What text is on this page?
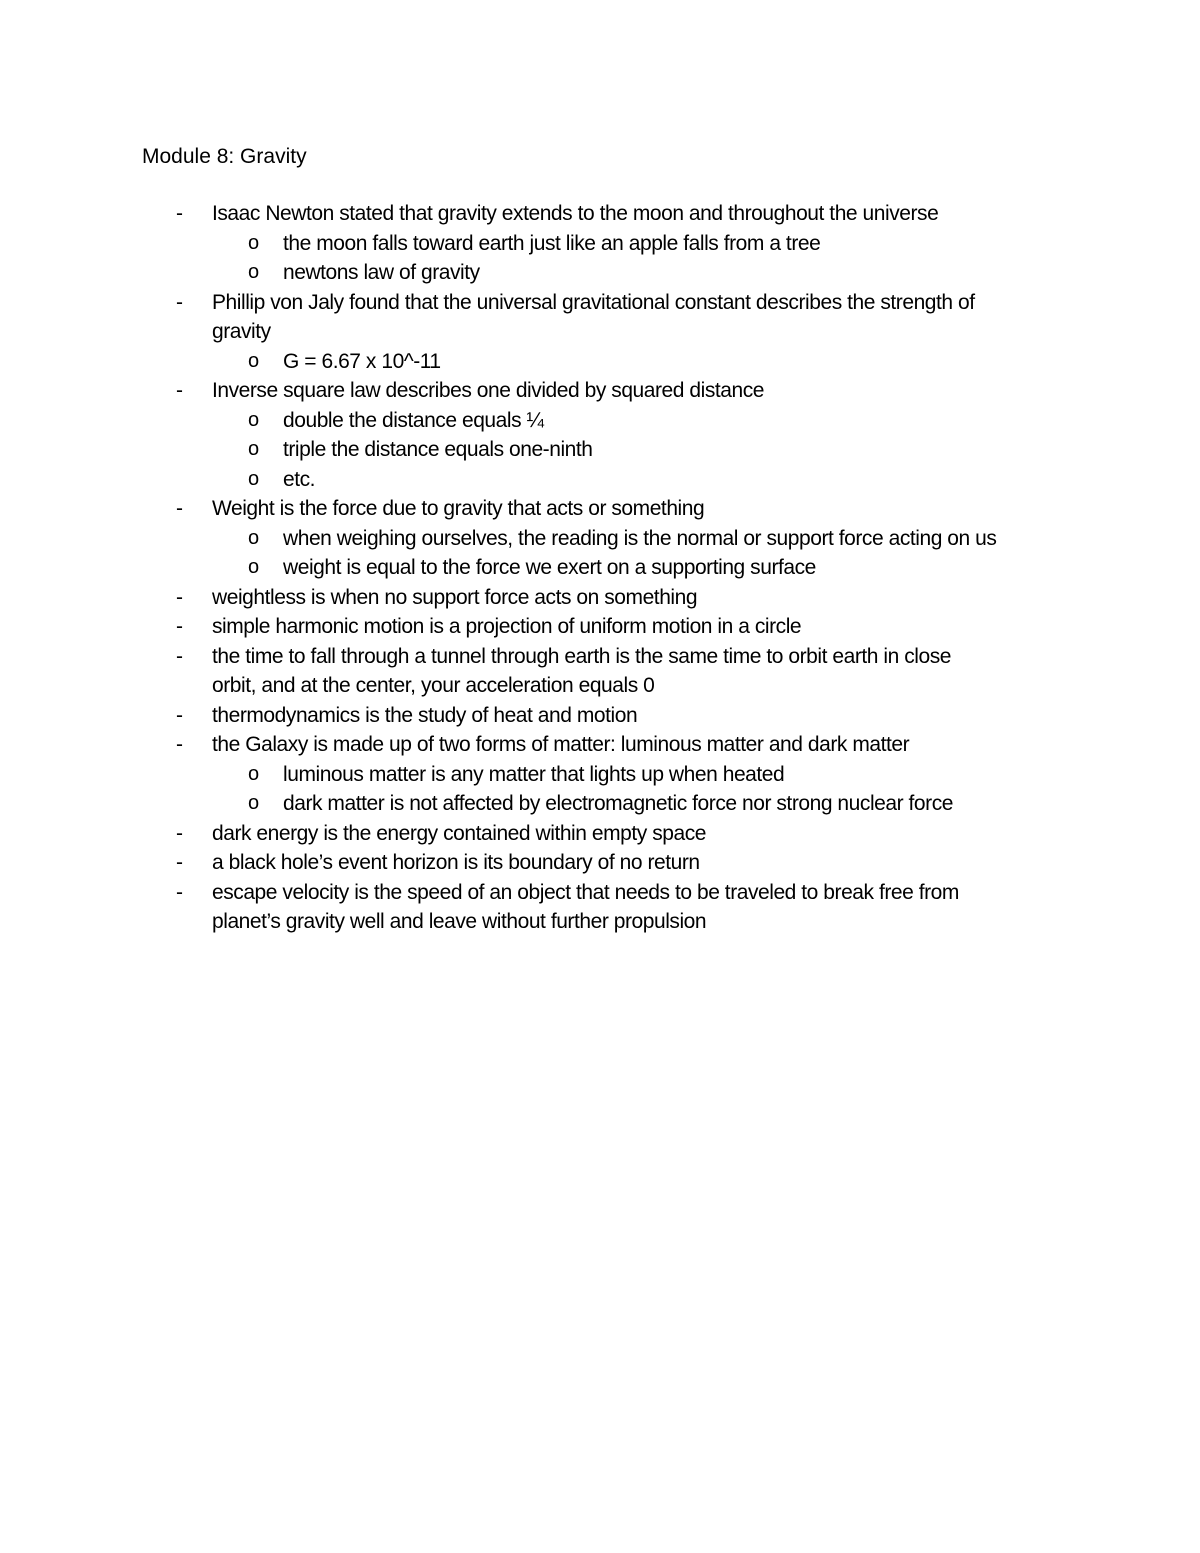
Module 8: Gravity
- Isaac Newton stated that gravity extends to the moon and throughout the universe
o the moon falls toward earth just like an apple falls from a tree
o newtons law of gravity
- Phillip von Jaly found that the universal gravitational constant describes the strength of
gravity
o G = 6.67 x 10^-11
- Inverse square law describes one divided by squared distance
o double the distance equals ¼
o triple the distance equals one-ninth
o etc.
- Weight is the force due to gravity that acts or something
o when weighing ourselves, the reading is the normal or support force acting on us
o weight is equal to the force we exert on a supporting surface
- weightless is when no support force acts on something
- simple harmonic motion is a projection of uniform motion in a circle
- the time to fall through a tunnel through earth is the same time to orbit earth in close
orbit, and at the center, your acceleration equals 0
- thermodynamics is the study of heat and motion
- the Galaxy is made up of two forms of matter: luminous matter and dark matter
o luminous matter is any matter that lights up when heated
o dark matter is not affected by electromagnetic force nor strong nuclear force
- dark energy is the energy contained within empty space
- a black hole’s event horizon is its boundary of no return
- escape velocity is the speed of an object that needs to be traveled to break free from
planet’s gravity well and leave without further propulsion
